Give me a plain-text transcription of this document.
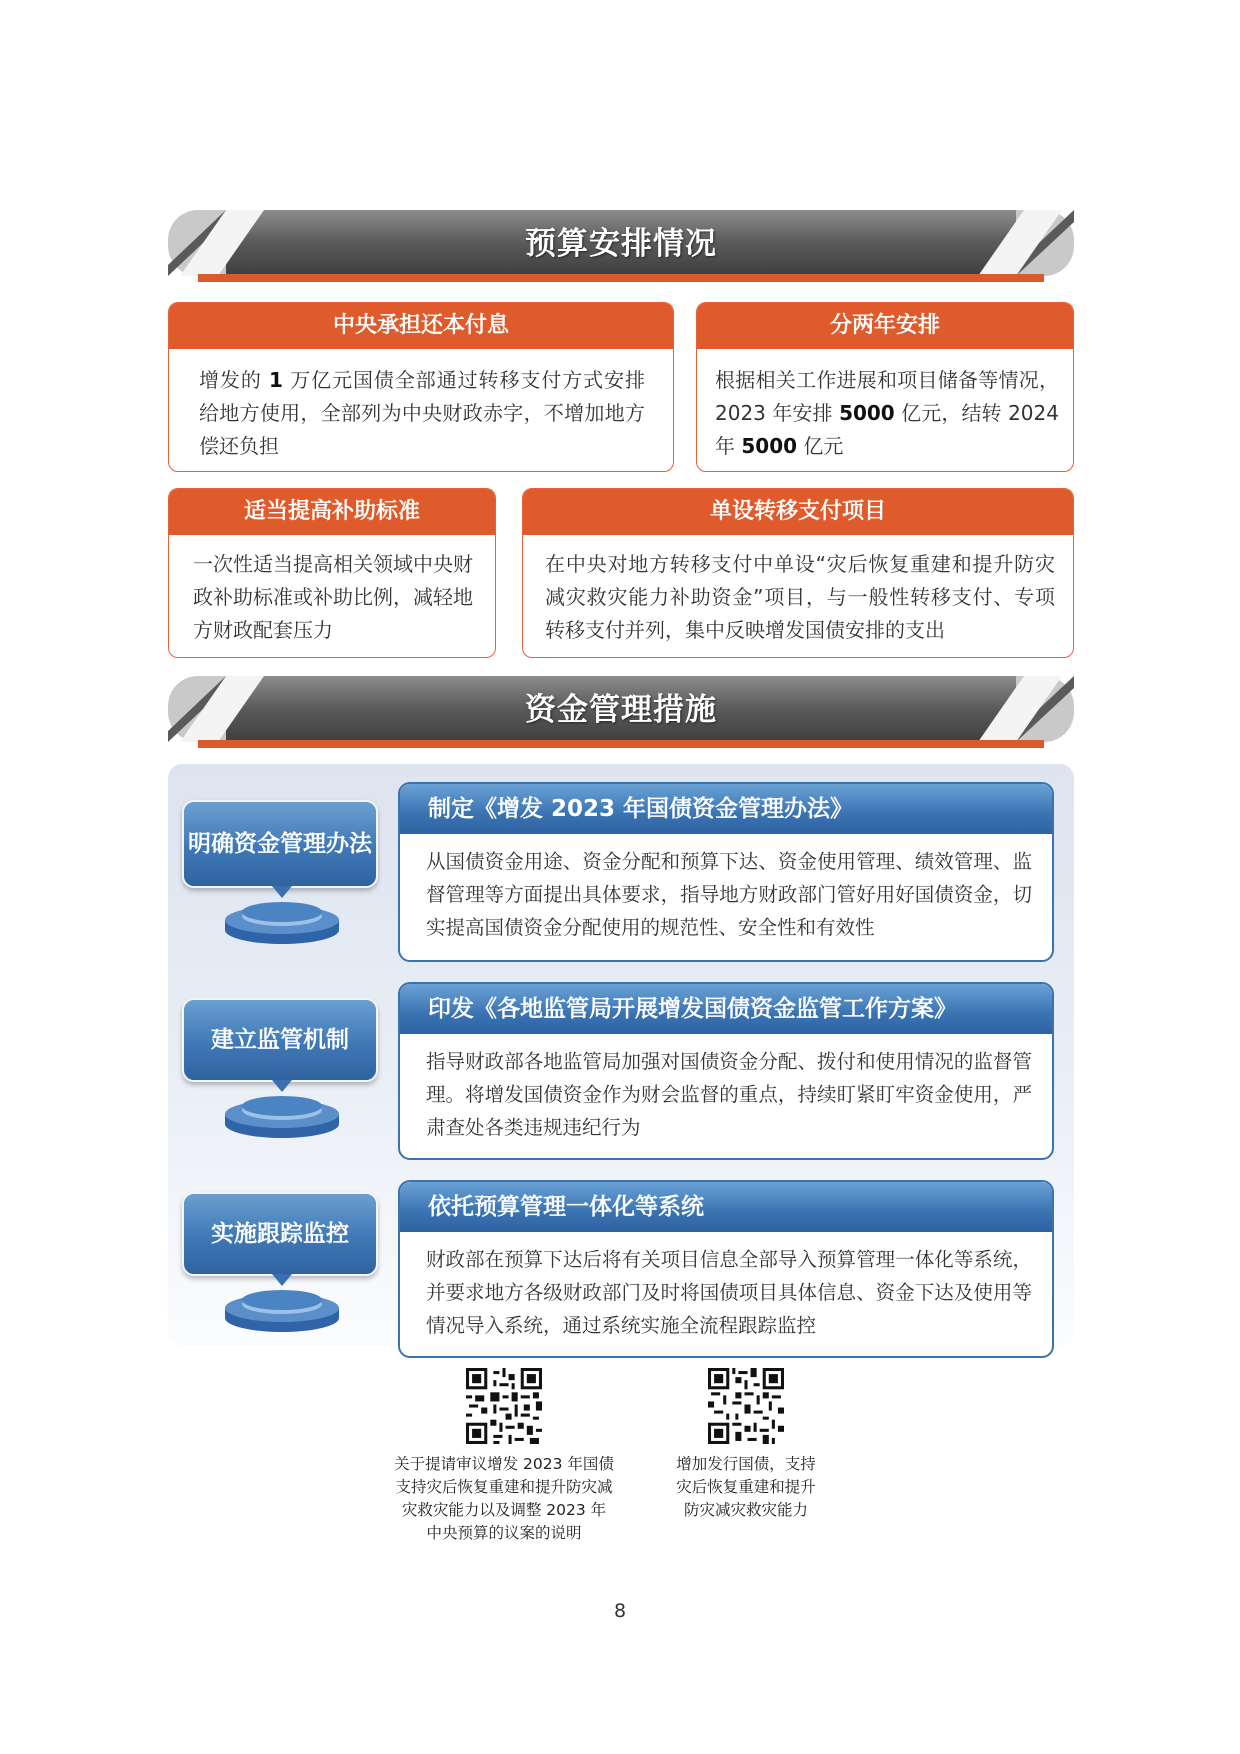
预算安排情况
中央承担还本付息
增发的 1 万亿元国债全部通过转移支付方式安排给地方使用，全部列为中央财政赤字，不增加地方偿还负担
分两年安排
根据相关工作进展和项目储备等情况，2023 年安排 5000 亿元，结转 2024 年 5000 亿元
适当提高补助标准
一次性适当提高相关领域中央财政补助标准或补助比例，减轻地方财政配套压力
单设转移支付项目
在中央对地方转移支付中单设“灾后恢复重建和提升防灾减灾救灾能力补助资金”项目，与一般性转移支付、专项转移支付并列，集中反映增发国债安排的支出
资金管理措施
明确资金管理办法
制定《增发 2023 年国债资金管理办法》
从国债资金用途、资金分配和预算下达、资金使用管理、绩效管理、监督管理等方面提出具体要求，指导地方财政部门管好用好国债资金，切实提高国债资金分配使用的规范性、安全性和有效性
建立监管机制
印发《各地监管局开展增发国债资金监管工作方案》
指导财政部各地监管局加强对国债资金分配、拨付和使用情况的监督管理。将增发国债资金作为财会监督的重点，持续盯紧盯牢资金使用，严肃查处各类违规违纪行为
实施跟踪监控
依托预算管理一体化等系统
财政部在预算下达后将有关项目信息全部导入预算管理一体化等系统，并要求地方各级财政部门及时将国债项目具体信息、资金下达及使用等情况导入系统，通过系统实施全流程跟踪监控
关于提请审议增发 2023 年国债
支持灾后恢复重建和提升防灾减
灾救灾能力以及调整 2023 年
中央预算的议案的说明
增加发行国债，支持
灾后恢复重建和提升
防灾减灾救灾能力
8
